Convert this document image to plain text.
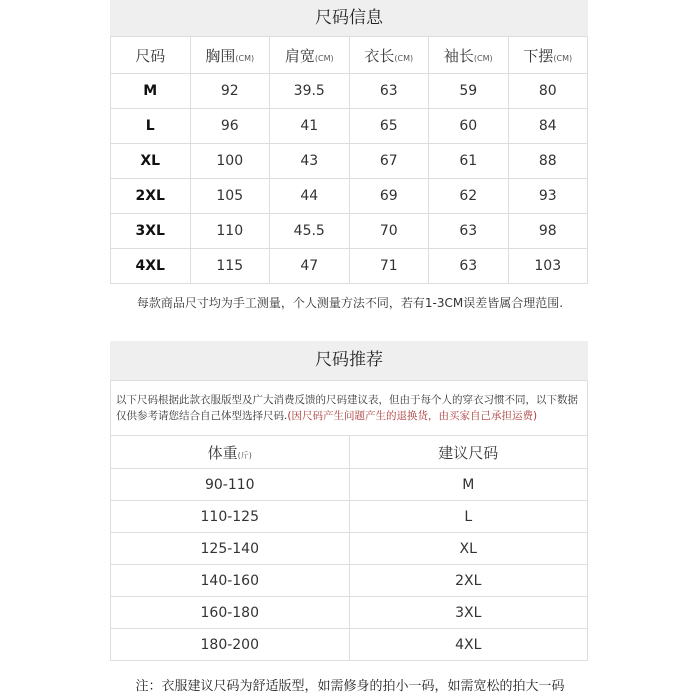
尺码信息
尺码	胸围(CM)	肩宽(CM)	衣长(CM)	袖长(CM)	下摆(CM)
M	92	39.5	63	59	80
L	96	41	65	60	84
XL	100	43	67	61	88
2XL	105	44	69	62	93
3XL	110	45.5	70	63	98
4XL	115	47	71	63	103
每款商品尺寸均为手工测量，个人测量方法不同，若有1-3CM误差皆属合理范围.
尺码推荐
以下尺码根据此款衣服版型及广大消费反馈的尺码建议表，但由于每个人的穿衣习惯不同，以下数据仅供参考请您结合自己体型选择尺码.(因尺码产生问题产生的退换货，由买家自己承担运费)
体重(斤)	建议尺码
90-110	M
110-125	L
125-140	XL
140-160	2XL
160-180	3XL
180-200	4XL
注：衣服建议尺码为舒适版型，如需修身的拍小一码，如需宽松的拍大一码
